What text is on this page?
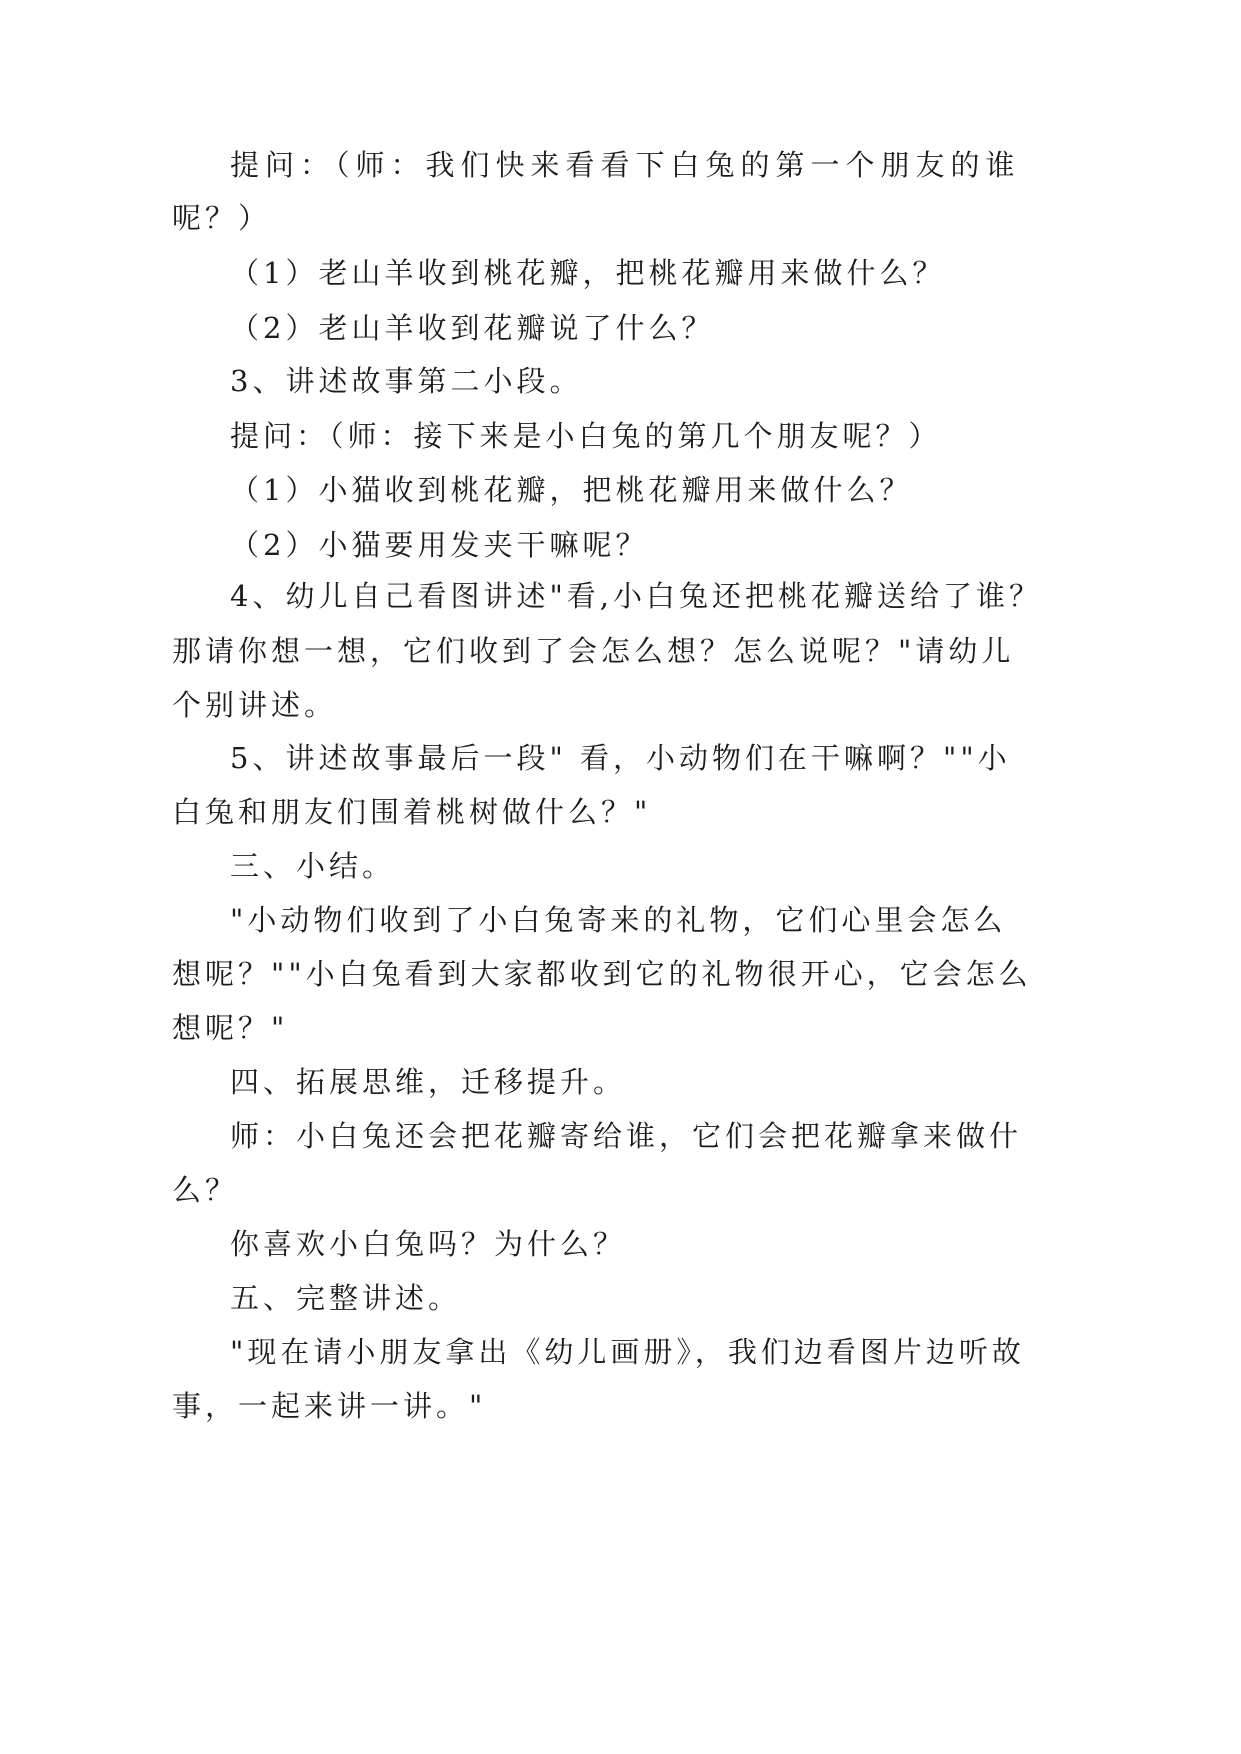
提问：（师：我们快来看看下白兔的第一个朋友的谁
呢？）
（1）老山羊收到桃花瓣，把桃花瓣用来做什么？
（2）老山羊收到花瓣说了什么？
3、讲述故事第二小段。
提问：（师：接下来是小白兔的第几个朋友呢？）
（1）小猫收到桃花瓣，把桃花瓣用来做什么？
（2）小猫要用发夹干嘛呢？
4、幼儿自己看图讲述"看,小白兔还把桃花瓣送给了谁？
那请你想一想，它们收到了会怎么想？怎么说呢？"请幼儿
个别讲述。
5、讲述故事最后一段" 看，小动物们在干嘛啊？""小
白兔和朋友们围着桃树做什么？"
三、小结。
"小动物们收到了小白兔寄来的礼物，它们心里会怎么
想呢？""小白兔看到大家都收到它的礼物很开心，它会怎么
想呢？"
四、拓展思维，迁移提升。
师：小白兔还会把花瓣寄给谁，它们会把花瓣拿来做什
么？
你喜欢小白兔吗？为什么？
五、完整讲述。
"现在请小朋友拿出《幼儿画册》，我们边看图片边听故
事，一起来讲一讲。"
